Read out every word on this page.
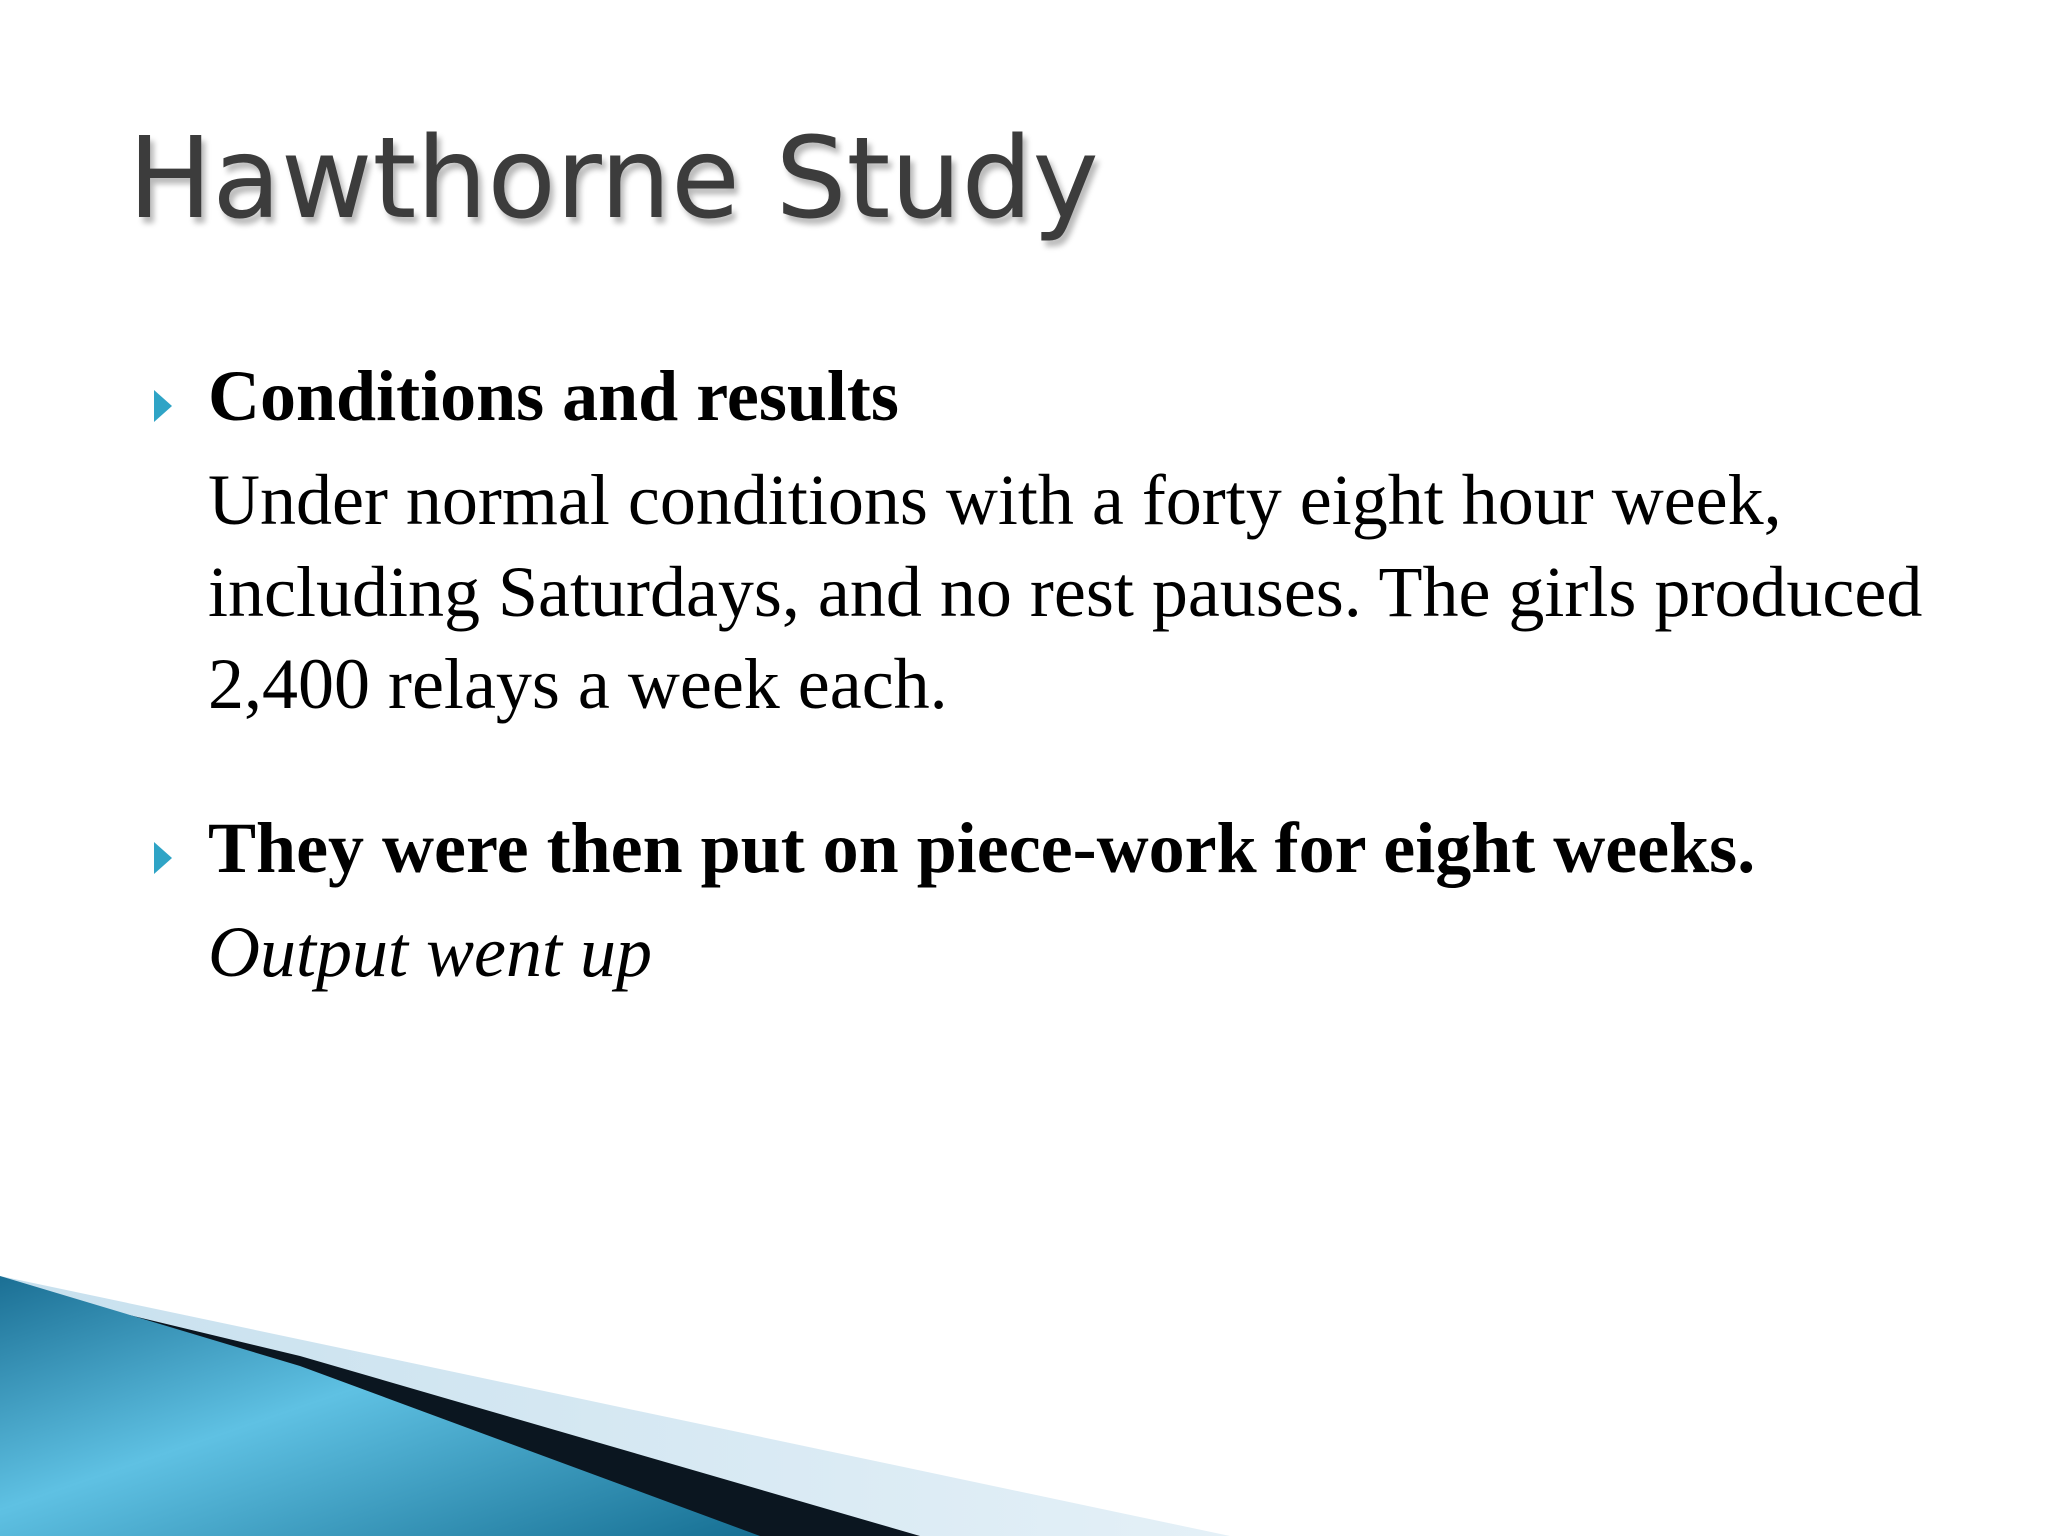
Hawthorne Study
Conditions and results
Under normal conditions with a forty eight hour week, including Saturdays, and no rest pauses. The girls produced 2,400 relays a week each.
They were then put on piece-work for eight weeks.
Output went up
